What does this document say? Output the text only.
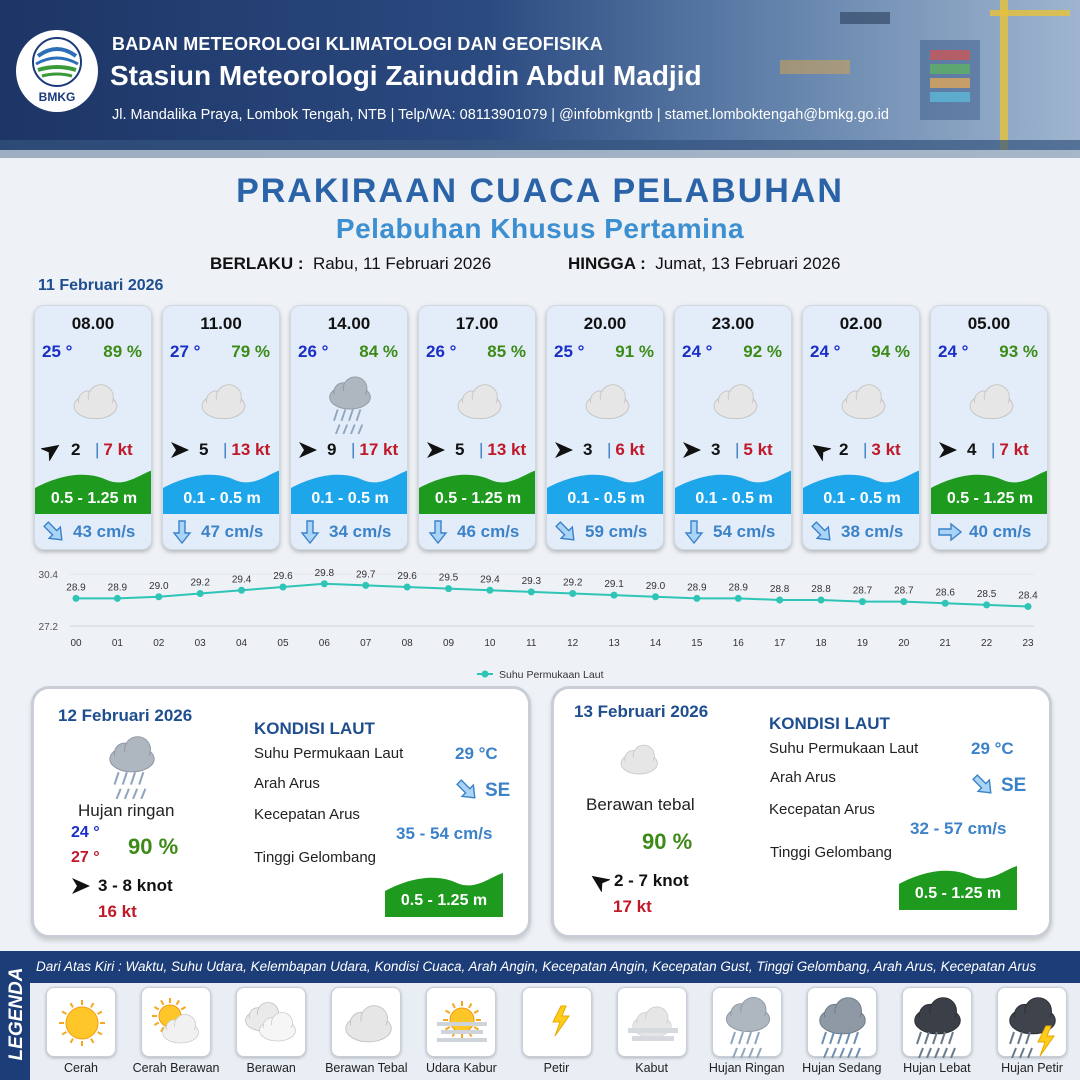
BMKG
BADAN METEOROLOGI KLIMATOLOGI DAN GEOFISIKA
Stasiun Meteorologi Zainuddin Abdul Madjid
Jl. Mandalika Praya, Lombok Tengah, NTB | Telp/WA: 08113901079 | @infobmkgntb | stamet.lomboktengah@bmkg.go.id
PRAKIRAAN CUACA PELABUHAN
Pelabuhan Khusus Pertamina
BERLAKU : Rabu, 11 Februari 2026	HINGGA : Jumat, 13 Februari 2026
11 Februari 2026
08.00
25 ° 89 %
2 | 7 kt
0.5 - 1.25 m
43 cm/s
11.00
27 ° 79 %
5 | 13 kt
0.1 - 0.5 m
47 cm/s
14.00
26 ° 84 %
9 | 17 kt
0.1 - 0.5 m
34 cm/s
17.00
26 ° 85 %
5 | 13 kt
0.5 - 1.25 m
46 cm/s
20.00
25 ° 91 %
3 | 6 kt
0.1 - 0.5 m
59 cm/s
23.00
24 ° 92 %
3 | 5 kt
0.1 - 0.5 m
54 cm/s
02.00
24 ° 94 %
2 | 3 kt
0.1 - 0.5 m
38 cm/s
05.00
24 ° 93 %
4 | 7 kt
0.5 - 1.25 m
40 cm/s
30.4
27.2
28.9
00
28.9
01
29.0
02
29.2
03
29.4
04
29.6
05
29.8
06
29.7
07
29.6
08
29.5
09
29.4
10
29.3
11
29.2
12
29.1
13
29.0
14
28.9
15
28.9
16
28.8
17
28.8
18
28.7
19
28.7
20
28.6
21
28.5
22
28.4
23
Suhu Permukaan Laut
12 Februari 2026
Hujan ringan
24 °
27 ° 90 %
3 - 8 knot
16 kt
KONDISI LAUT
Suhu Permukaan Laut	29 °C
Arah Arus	SE
Kecepatan Arus
35 - 54 cm/s
Tinggi Gelombang
0.5 - 1.25 m
13 Februari 2026
Berawan tebal
90 %
2 - 7 knot
17 kt
KONDISI LAUT
Suhu Permukaan Laut	29 °C
Arah Arus	SE
Kecepatan Arus
32 - 57 cm/s
Tinggi Gelombang
0.5 - 1.25 m
LEGENDA
Dari Atas Kiri : Waktu, Suhu Udara, Kelembapan Udara, Kondisi Cuaca, Arah Angin, Kecepatan Angin, Kecepatan Gust, Tinggi Gelombang, Arah Arus, Kecepatan Arus
Cerah	Cerah Berawan	Berawan	Berawan Tebal	Udara Kabur	Petir	Kabut	Hujan Ringan	Hujan Sedang	Hujan Lebat	Hujan Petir
